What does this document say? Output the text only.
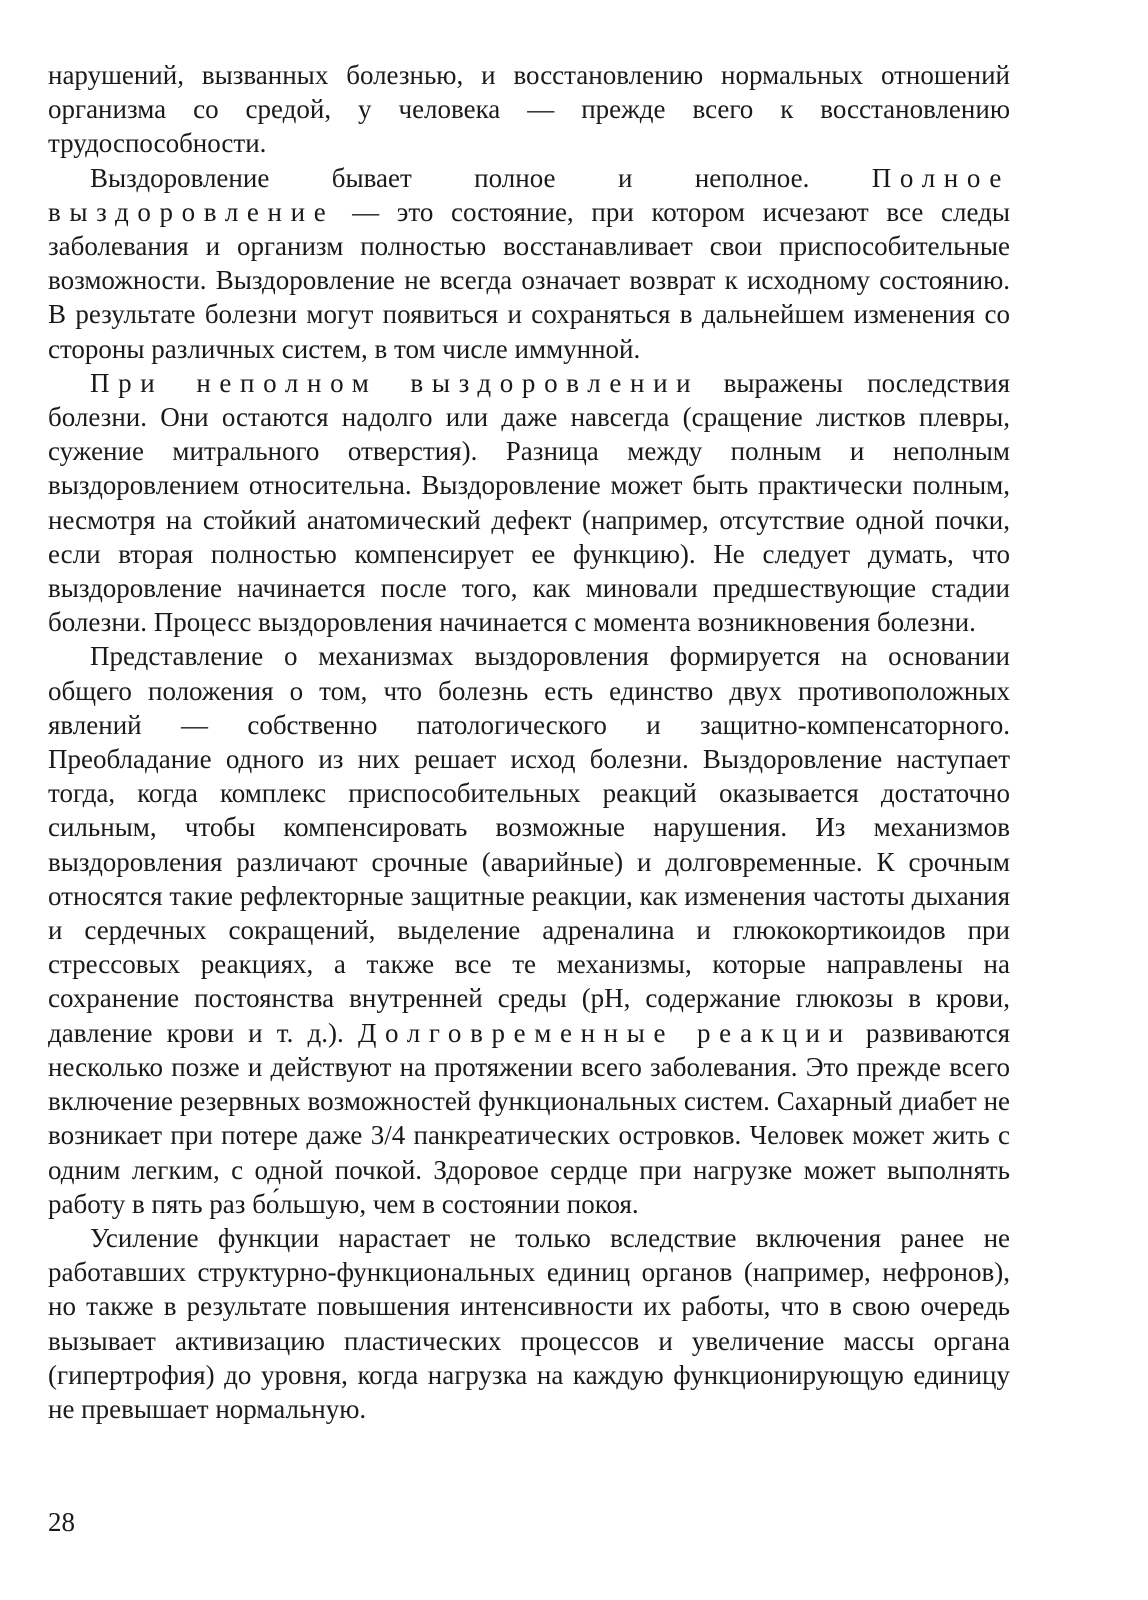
нарушений, вызванных болезнью, и восстановлению нормальных отношений организма со средой, у человека — прежде всего к восстановлению трудоспособности.

Выздоровление бывает полное и неполное. Полное выздоровление — это состояние, при котором исчезают все следы заболевания и организм полностью восстанавливает свои приспособительные возможности. Выздоровление не всегда означает возврат к исходному состоянию. В результате болезни могут появиться и сохраняться в дальнейшем изменения со стороны различных систем, в том числе иммунной.

При неполном выздоровлении выражены последствия болезни. Они остаются надолго или даже навсегда (сращение листков плевры, сужение митрального отверстия). Разница между полным и неполным выздоровлением относительна. Выздоровление может быть практически полным, несмотря на стойкий анатомический дефект (например, отсутствие одной почки, если вторая полностью компенсирует ее функцию). Не следует думать, что выздоровление начинается после того, как миновали предшествующие стадии болезни. Процесс выздоровления начинается с момента возникновения болезни.

Представление о механизмах выздоровления формируется на основании общего положения о том, что болезнь есть единство двух противоположных явлений — собственно патологического и защитно-компенсаторного. Преобладание одного из них решает исход болезни. Выздоровление наступает тогда, когда комплекс приспособительных реакций оказывается достаточно сильным, чтобы компенсировать возможные нарушения. Из механизмов выздоровления различают срочные (аварийные) и долговременные. К срочным относятся такие рефлекторные защитные реакции, как изменения частоты дыхания и сердечных сокращений, выделение адреналина и глюкокортикоидов при стрессовых реакциях, а также все те механизмы, которые направлены на сохранение постоянства внутренней среды (pH, содержание глюкозы в крови, давление крови и т. д.). Долговременные реакции развиваются несколько позже и действуют на протяжении всего заболевания. Это прежде всего включение резервных возможностей функциональных систем. Сахарный диабет не возникает при потере даже 3/4 панкреатических островков. Человек может жить с одним легким, с одной почкой. Здоровое сердце при нагрузке может выполнять работу в пять раз бо́льшую, чем в состоянии покоя.

Усиление функции нарастает не только вследствие включения ранее не работавших структурно-функциональных единиц органов (например, нефронов), но также в результате повышения интенсивности их работы, что в свою очередь вызывает активизацию пластических процессов и увеличение массы органа (гипертрофия) до уровня, когда нагрузка на каждую функционирующую единицу не превышает нормальную.

28
